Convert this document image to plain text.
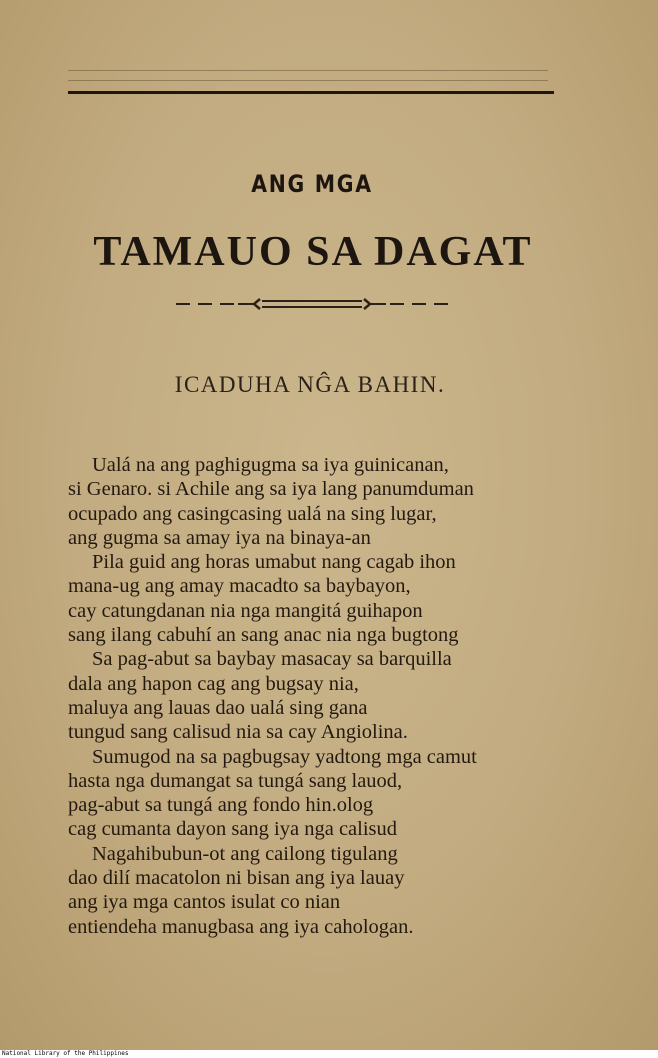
ANG MGA
TAMAUO SA DAGAT
ICADUHA NĜA BAHIN.
Ualá na ang paghigugma sa iya guinicanan,
si Genaro. si Achile ang sa iya lang panumduman
ocupado ang casingcasing ualá na sing lugar,
ang gugma sa amay iya na binaya-an
Pila guid ang horas umabut nang cagab ihon
mana-ug ang amay macadto sa baybayon,
cay catungdanan nia nga mangitá guihapon
sang ilang cabuhí an sang anac nia nga bugtong
Sa pag-abut sa baybay masacay sa barquilla
dala ang hapon cag ang bugsay nia,
maluya ang lauas dao ualá sing gana
tungud sang calisud nia sa cay Angiolina.
Sumugod na sa pagbugsay yadtong mga camut
hasta nga dumangat sa tungá sang lauod,
pag-abut sa tungá ang fondo hin.olog
cag cumanta dayon sang iya nga calisud
Nagahibubun-ot ang cailong tigulang
dao dilí macatolon ni bisan ang iya lauay
ang iya mga cantos isulat co nian
entiendeha manugbasa ang iya cahologan.
National Library of the Philippines
